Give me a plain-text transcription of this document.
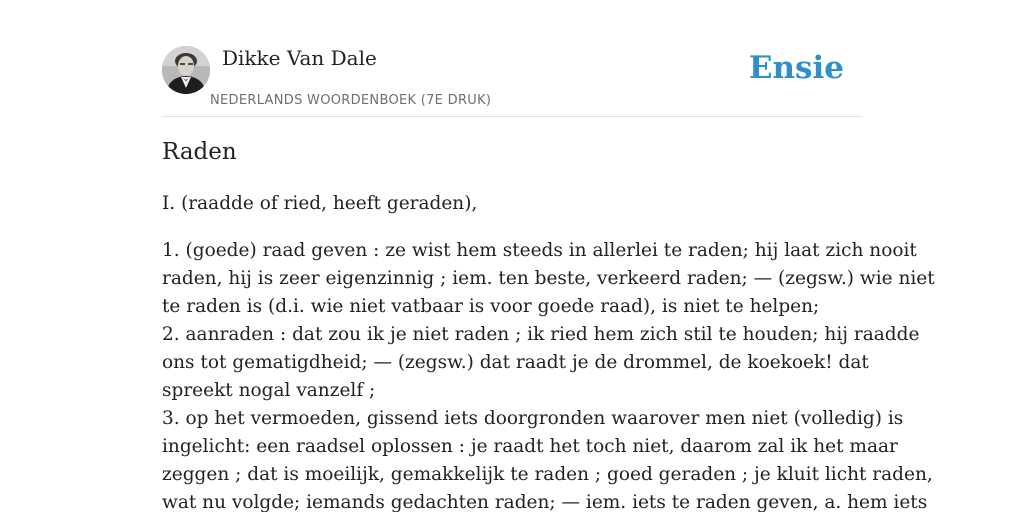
Dikke Van Dale
NEDERLANDS WOORDENBOEK (7E DRUK)
Ensie
Raden

I. (raadde of ried, heeft geraden),

1. (goede) raad geven : ze wist hem steeds in allerlei te raden; hij laat zich nooit

raden, hij is zeer eigenzinnig ; iem. ten beste, verkeerd raden; — (zegsw.) wie niet

te raden is (d.i. wie niet vatbaar is voor goede raad), is niet te helpen;

2. aanraden : dat zou ik je niet raden ; ik ried hem zich stil te houden; hij raadde

ons tot gematigdheid; — (zegsw.) dat raadt je de drommel, de koekoek! dat

spreekt nogal vanzelf ;

3. op het vermoeden, gissend iets doorgronden waarover men niet (volledig) is

ingelicht: een raadsel oplossen : je raadt het toch niet, daarom zal ik het maar

zeggen ; dat is moeilijk, gemakkelijk te raden ; goed geraden ; je kluit licht raden,

wat nu volgde; iemands gedachten raden; — iem. iets te raden geven, a. hem iets
